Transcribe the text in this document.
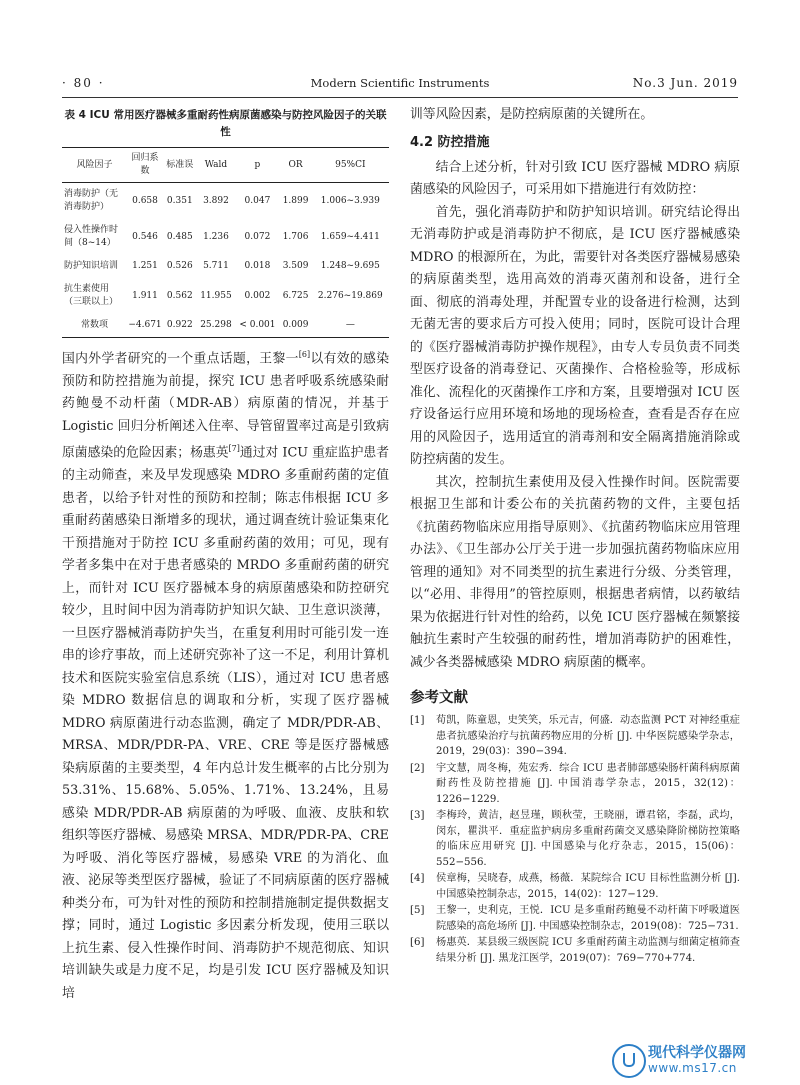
· 80 ·	Modern Scientific Instruments	No.3 Jun. 2019
表 4 ICU 常用医疗器械多重耐药性病原菌感染与防控风险因子的关联性
风险因子	回归系数	标准误	Wald	p	OR	95%CI
消毒防护（无消毒防护）	0.658	0.351	3.892	0.047	1.899	1.006~3.939
侵入性操作时间（8~14）	0.546	0.485	1.236	0.072	1.706	1.659~4.411
防护知识培训	1.251	0.526	5.711	0.018	3.509	1.248~9.695
抗生素使用（三联以上）	1.911	0.562	11.955	0.002	6.725	2.276~19.869
常数项	−4.671	0.922	25.298	< 0.001	0.009	—

国内外学者研究的一个重点话题，王黎一[6]以有效的感染预防和防控措施为前提，探究 ICU 患者呼吸系统感染耐药鲍曼不动杆菌（MDR-AB）病原菌的情况，并基于 Logistic 回归分析阐述入住率、导管留置率过高是引致病原菌感染的危险因素；杨惠英[7]通过对 ICU 重症监护患者的主动筛查，来及早发现感染 MDRO 多重耐药菌的定值患者，以给予针对性的预防和控制；陈志伟根据 ICU 多重耐药菌感染日渐增多的现状，通过调查统计验证集束化干预措施对于防控 ICU 多重耐药菌的效用；可见，现有学者多集中在对于患者感染的 MRDO 多重耐药菌的研究上，而针对 ICU 医疗器械本身的病原菌感染和防控研究较少，且时间中因为消毒防护知识欠缺、卫生意识淡薄，一旦医疗器械消毒防护失当，在重复利用时可能引发一连串的诊疗事故，而上述研究弥补了这一不足，利用计算机技术和医院实验室信息系统（LIS），通过对 ICU 患者感染 MDRO 数据信息的调取和分析，实现了医疗器械 MDRO 病原菌进行动态监测，确定了 MDR/PDR-AB、MRSA、MDR/PDR-PA、VRE、CRE 等是医疗器械感染病原菌的主要类型，4 年内总计发生概率的占比分别为 53.31%、15.68%、5.05%、1.71%、13.24%，且易感染 MDR/PDR-AB 病原菌的为呼吸、血液、皮肤和软组织等医疗器械、易感染 MRSA、MDR/PDR-PA、CRE 为呼吸、消化等医疗器械，易感染 VRE 的为消化、血液、泌尿等类型医疗器械，验证了不同病原菌的医疗器械种类分布，可为针对性的预防和控制措施制定提供数据支撑；同时，通过 Logistic 多因素分析发现，使用三联以上抗生素、侵入性操作时间、消毒防护不规范彻底、知识培训缺失或是力度不足，均是引发 ICU 医疗器械及知识培

训等风险因素，是防控病原菌的关键所在。

4.2 防控措施

结合上述分析，针对引致 ICU 医疗器械 MDRO 病原菌感染的风险因子，可采用如下措施进行有效防控：

首先，强化消毒防护和防护知识培训。研究结论得出无消毒防护或是消毒防护不彻底，是 ICU 医疗器械感染 MDRO 的根源所在，为此，需要针对各类医疗器械易感染的病原菌类型，选用高效的消毒灭菌剂和设备，进行全面、彻底的消毒处理，并配置专业的设备进行检测，达到无菌无害的要求后方可投入使用；同时，医院可设计合理的《医疗器械消毒防护操作规程》，由专人专员负责不同类型医疗设备的消毒登记、灭菌操作、合格检验等，形成标准化、流程化的灭菌操作工序和方案，且要增强对 ICU 医疗设备运行应用环境和场地的现场检查，查看是否存在应用的风险因子，选用适宜的消毒剂和安全隔离措施消除或防控病菌的发生。

其次，控制抗生素使用及侵入性操作时间。医院需要根据卫生部和计委公布的关抗菌药物的文件，主要包括《抗菌药物临床应用指导原则》、《抗菌药物临床应用管理办法》、《卫生部办公厅关于进一步加强抗菌药物临床应用管理的通知》对不同类型的抗生素进行分级、分类管理，以“必用、非得用”的管控原则，根据患者病情，以药敏结果为依据进行针对性的给药，以免 ICU 医疗器械在频繁接触抗生素时产生较强的耐药性，增加消毒防护的困难性，减少各类器械感染 MDRO 病原菌的概率。

参考文献
[1] 荀凯，陈童恩，史笑笑，乐元吉，何盛．动态监测 PCT 对神经重症患者抗感染治疗与抗菌药物应用的分析 [J]. 中华医院感染学杂志，2019，29(03)：390−394.
[2] 宇文慧，周冬梅，苑宏秀．综合 ICU 患者肺部感染肠杆菌科病原菌耐药性及防控措施 [J]. 中国消毒学杂志，2015，32(12)：1226−1229.
[3] 李梅玲，黄洁，赵昱瑾，顾秋莹，王晓丽，谭君铭，李磊，武均，闵东，瞿洪平．重症监护病房多重耐药菌交叉感染降阶梯防控策略的临床应用研究 [J]. 中国感染与化疗杂志，2015，15(06)：552−556.
[4] 侯章梅，吴晓春，成燕，杨薇．某院综合 ICU 目标性监测分析 [J]. 中国感染控制杂志，2015，14(02)：127−129.
[5] 王黎一，史利克，王悦．ICU 是多重耐药鲍曼不动杆菌下呼吸道医院感染的高危场所 [J]. 中国感染控制杂志，2019(08)：725−731.
[6] 杨惠英．某县级三级医院 ICU 多重耐药菌主动监测与细菌定植筛查结果分析 [J]. 黑龙江医学，2019(07)：769−770+774.
现代科学仪器网
www.ms17.cn
